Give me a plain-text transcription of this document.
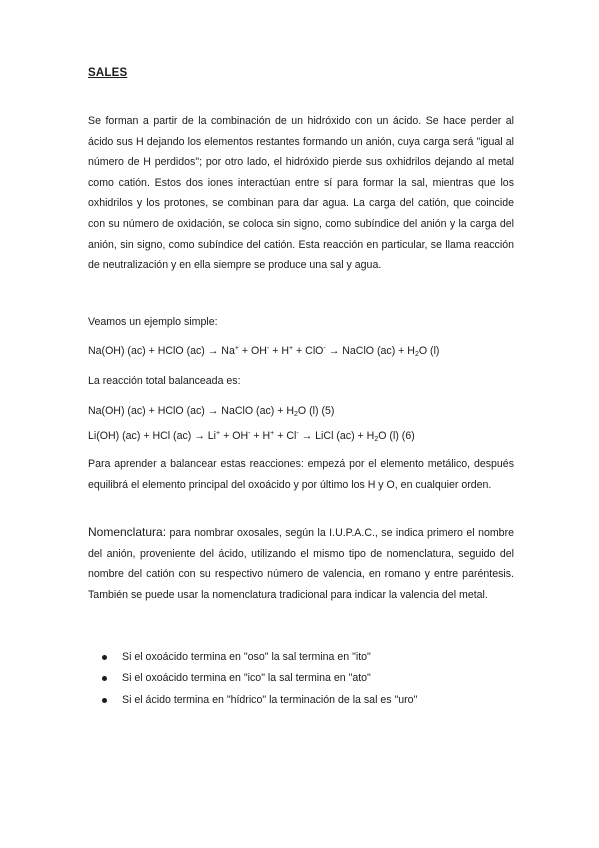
SALES

Se forman a partir de la combinación de un hidróxido con un ácido. Se hace perder al ácido sus H dejando los elementos restantes formando un anión, cuya carga será "igual al número de H perdidos"; por otro lado, el hidróxido pierde sus oxhidrilos dejando al metal como catión. Estos dos iones interactúan entre sí para formar la sal, mientras que los oxhidrilos y los protones, se combinan para dar agua. La carga del catión, que coincide con su número de oxidación, se coloca sin signo, como subíndice del anión y la carga del anión, sin signo, como subíndice del catión. Esta reacción en particular, se llama reacción de neutralización y en ella siempre se produce una sal y agua.

Veamos un ejemplo simple:
Na(OH) (ac) + HClO (ac) → Na+ + OH- + H+ + ClO- → NaClO $(ac) + H_2O$ (l)
La reacción total balanceada es:
Na(OH) (ac) + HClO (ac) → NaClO $(ac) + H_2O$ (l) (5)
Li(OH) (ac) + HCl (ac) → Li+ + OH- + H+ + Cl- → LiCl $(ac) + H_2O$ (l) (6)

Para aprender a balancear estas reacciones: empezá por el elemento metálico, después equilibrá el elemento principal del oxoácido y por último los H y O, en cualquier orden.

Nomenclatura: para nombrar oxosales, según la I.U.P.A.C., se indica primero el nombre del anión, proveniente del ácido, utilizando el mismo tipo de nomenclatura, seguido del nombre del catión con su respectivo número de valencia, en romano y entre paréntesis. También se puede usar la nomenclatura tradicional para indicar la valencia del metal.

Si el oxoácido termina en "oso" la sal termina en "ito"
Si el oxoácido termina en "ico" la sal termina en "ato"
Si el ácido termina en "hídrico" la terminación de la sal es "uro"
